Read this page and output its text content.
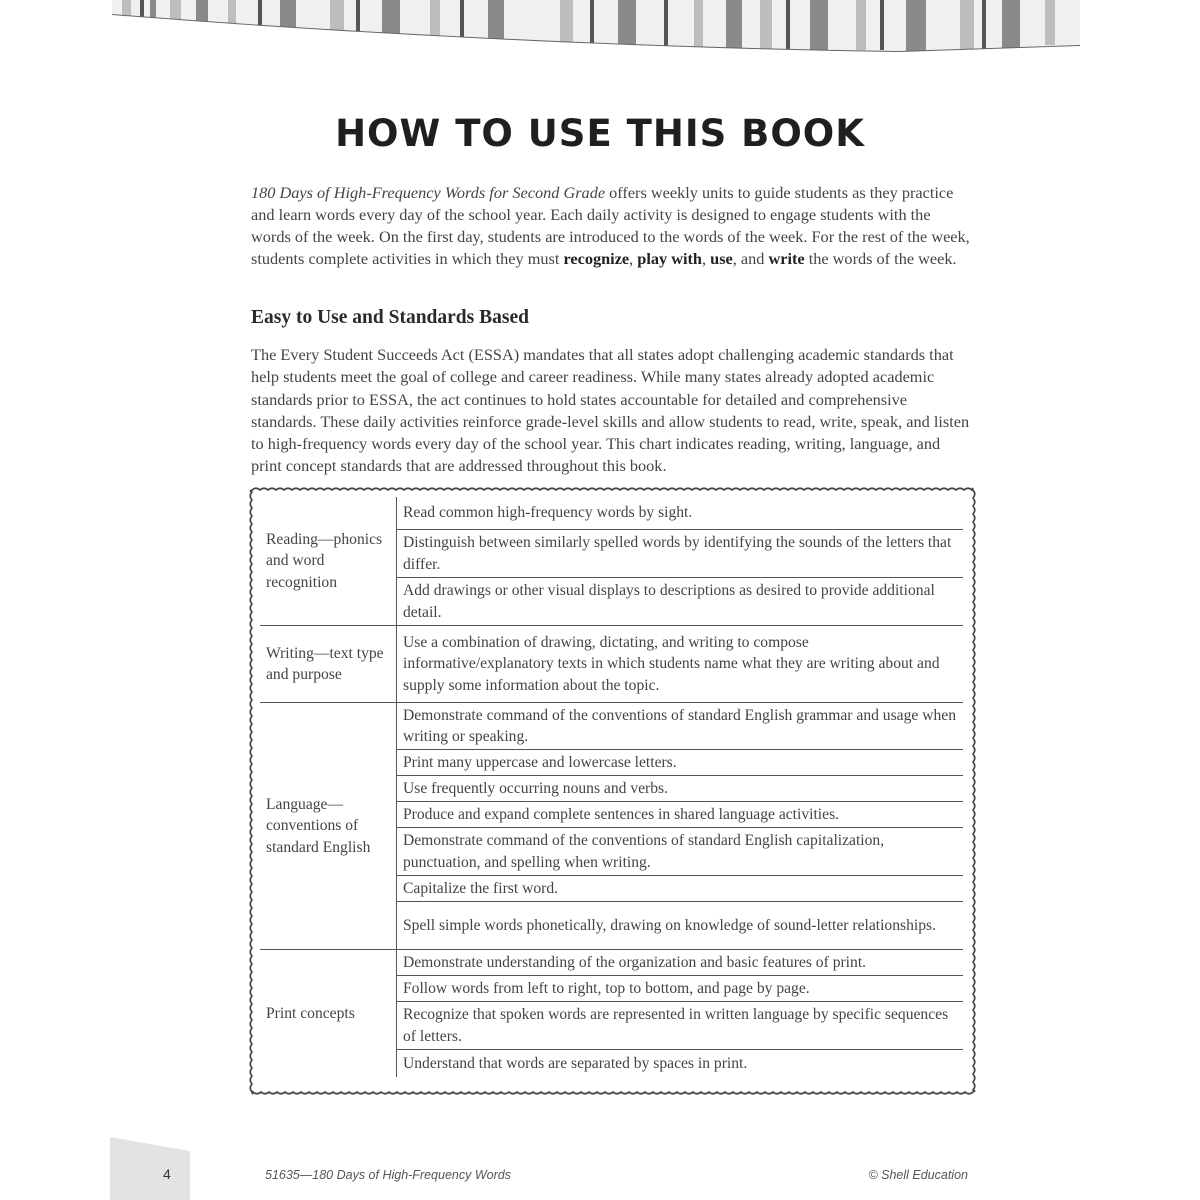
HOW TO USE THIS BOOK

180 Days of High-Frequency Words for Second Grade offers weekly units to guide students as they practice and learn words every day of the school year. Each daily activity is designed to engage students with the words of the week. On the first day, students are introduced to the words of the week. For the rest of the week, students complete activities in which they must recognize, play with, use, and write the words of the week.

Easy to Use and Standards Based

The Every Student Succeeds Act (ESSA) mandates that all states adopt challenging academic standards that help students meet the goal of college and career readiness. While many states already adopted academic standards prior to ESSA, the act continues to hold states accountable for detailed and comprehensive standards. These daily activities reinforce grade-level skills and allow students to read, write, speak, and listen to high-frequency words every day of the school year. This chart indicates reading, writing, language, and print concept standards that are addressed throughout this book.

Reading—phonics and word recognition	Read common high-frequency words by sight.
	Distinguish between similarly spelled words by identifying the sounds of the letters that differ.
	Add drawings or other visual displays to descriptions as desired to provide additional detail.
Writing—text type and purpose	Use a combination of drawing, dictating, and writing to compose informative/explanatory texts in which students name what they are writing about and supply some information about the topic.
Language—conventions of standard English	Demonstrate command of the conventions of standard English grammar and usage when writing or speaking.
	Print many uppercase and lowercase letters.
	Use frequently occurring nouns and verbs.
	Produce and expand complete sentences in shared language activities.
	Demonstrate command of the conventions of standard English capitalization, punctuation, and spelling when writing.
	Capitalize the first word.
	Spell simple words phonetically, drawing on knowledge of sound-letter relationships.
Print concepts	Demonstrate understanding of the organization and basic features of print.
	Follow words from left to right, top to bottom, and page by page.
	Recognize that spoken words are represented in written language by specific sequences of letters.
	Understand that words are separated by spaces in print.
4	51635—180 Days of High-Frequency Words	© Shell Education
